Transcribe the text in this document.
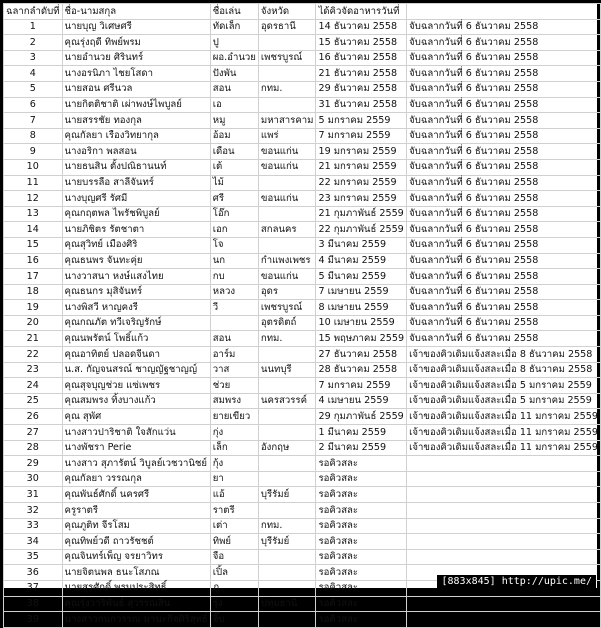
ฉลากลำดับที่	ชื่อ-นามสกุล	ชื่อเล่น	จังหวัด	ได้คิวจัดอาหารวันที่	
1	นายบุญ วิเศษศรี	ทัดเล็ก	อุดรธานี	14 ธันวาคม 2558	จับฉลากวันที่ 6 ธันวาคม 2558
2	คุณรุ่งฤดี ทิพย์พรม	ปู		15 ธันวาคม 2558	จับฉลากวันที่ 6 ธันวาคม 2558
3	นายอำนวย ศิรินทร์	ผอ.อำนวย	เพชรบูรณ์	16 ธันวาคม 2558	จับฉลากวันที่ 6 ธันวาคม 2558
4	นางอรนิภา ไชยโสดา	ปังพัน		21 ธันวาคม 2558	จับฉลากวันที่ 6 ธันวาคม 2558
5	นายสอน ศรีนวล	สอน	กทม.	29 ธันวาคม 2558	จับฉลากวันที่ 6 ธันวาคม 2558
6	นายกิตติชาติ เผ่าพงษ์ไพบูลย์	เอ		31 ธันวาคม 2558	จับฉลากวันที่ 6 ธันวาคม 2558
7	นายสรรชัย ทองกุล	หมู	มหาสารคาม	5 มกราคม 2559	จับฉลากวันที่ 6 ธันวาคม 2558
8	คุณกัลยา เรืองวิทยากุล	อ้อม	แพร่	7 มกราคม 2559	จับฉลากวันที่ 6 ธันวาคม 2558
9	นางอริกา พลสอน	เดือน	ขอนแก่น	19 มกราคม 2559	จับฉลากวันที่ 6 ธันวาคม 2558
10	นายธนสิน ตั้งปณิธานนท์	เต้	ขอนแก่น	21 มกราคม 2559	จับฉลากวันที่ 6 ธันวาคม 2558
11	นายบรรลือ สาลีจันทร์	ไม้		22 มกราคม 2559	จับฉลากวันที่ 6 ธันวาคม 2558
12	นางบุญศรี รัศมี	ศรี	ขอนแก่น	23 มกราคม 2559	จับฉลากวันที่ 6 ธันวาคม 2558
13	คุณกฤตพล ไพรัชพิบูลย์	โอ๊ก		21 กุมภาพันธ์ 2559	จับฉลากวันที่ 6 ธันวาคม 2558
14	นายภิชิตร รัตชาตา	เอก	สกลนคร	22 กุมภาพันธ์ 2559	จับฉลากวันที่ 6 ธันวาคม 2558
15	คุณสุวิทย์ เมืองศิริ	โจ		3 มีนาคม 2559	จับฉลากวันที่ 6 ธันวาคม 2558
16	คุณธนพร จันทะคุ่ย	นก	กำแพงเพชร	4 มีนาคม 2559	จับฉลากวันที่ 6 ธันวาคม 2558
17	นางวาสนา หงษ์แสงไทย	กบ	ขอนแก่น	5 มีนาคม 2559	จับฉลากวันที่ 6 ธันวาคม 2558
18	คุณธนกร มุสิจันทร์	หลวง	อุดร	7 เมษายน 2559	จับฉลากวันที่ 6 ธันวาคม 2558
19	นางพิสวี หาญคงรี	วี	เพชรบูรณ์	8 เมษายน 2559	จับฉลากวันที่ 6 ธันวาคม 2558
20	คุณกณภัต ทวีเจริญรักษ์		อุตรดิตถ์	10 เมษายน 2559	จับฉลากวันที่ 6 ธันวาคม 2558
21	คุณนพรัตน์ โพธิ์แก้ว	สอน	กทม.	15 พฤษภาคม 2559	จับฉลากวันที่ 6 ธันวาคม 2558
22	คุณอาทิตย์ ปลอดจีนดา	อาร์ม		27 ธันวาคม 2558	เจ้าของคิวเดิมแจ้งสละเมื่อ 8 ธันวาคม 2558
23	น.ส. กัญจนสรณ์ ชาญญัฐชาญญ์	วาส	นนทบุรี	28 ธันวาคม 2558	เจ้าของคิวเดิมแจ้งสละเมื่อ 8 ธันวาคม 2558
24	คุณสุจบุญช่วย แซ่เพชร	ช่วย		7 มกราคม 2559	เจ้าของคิวเดิมแจ้งสละเมื่อ 5 มกราคม 2559
25	คุณสมพรง ทิ้งบางแก้ว	สมพรง	นครสวรรค์	4 เมษายน 2559	เจ้าของคิวเดิมแจ้งสละเมื่อ 5 มกราคม 2559
26	คุณ สุพัศ	ยายเขียว		29 กุมภาพันธ์ 2559	เจ้าของคิวเดิมแจ้งสละเมื่อ 11 มกราคม 2559
27	นางสาวปาริชาติ ใจสักแว่น	กุ่ง		1 มีนาคม 2559	เจ้าของคิวเดิมแจ้งสละเมื่อ 11 มกราคม 2559
28	นางพัชรา Perie	เล็ก	อังกฤษ	2 มีนาคม 2559	เจ้าของคิวเดิมแจ้งสละเมื่อ 11 มกราคม 2559
29	นางสาว สุภารัตน์ วิบูลย์เวชวานิชย์	กุ้ง		รอคิวสละ	
30	คุณกัลยา วรรณกุล	ยา		รอคิวสละ	
31	คุณพันธ์ศักดิ์ นครศรี	แอ้	บุรีรัมย์	รอคิวสละ	
32	ครูราตรี	ราตรี		รอคิวสละ	
33	คุณภูติท จีรโสม	เต่า	กทม.	รอคิวสละ	
34	คุณทิพย์วดี ถาวรัชชต์	ทิพย์	บุรีรัมย์	รอคิวสละ	
35	คุณจินทร์เพ็ญ จรยาวิทร	จือ		รอคิวสละ	
36	นายจิตนพล ธนะโสภณ	เปิ้ล		รอคิวสละ	
37	นายสุรศักดิ์ พรมประสิทธิ์	ภู		รอคิวสละ	
38	คุณรุ่งวาริพันธ์ สุวรรณสิน	รุ่ง	ปทุมธานี	รอคิวสละ	
39	นางสาวกนกวรรณ มานะกิจศิริสุทธิ์	จิ๊บ		รอคิวสละ	
[883x845] http://upic.me/
